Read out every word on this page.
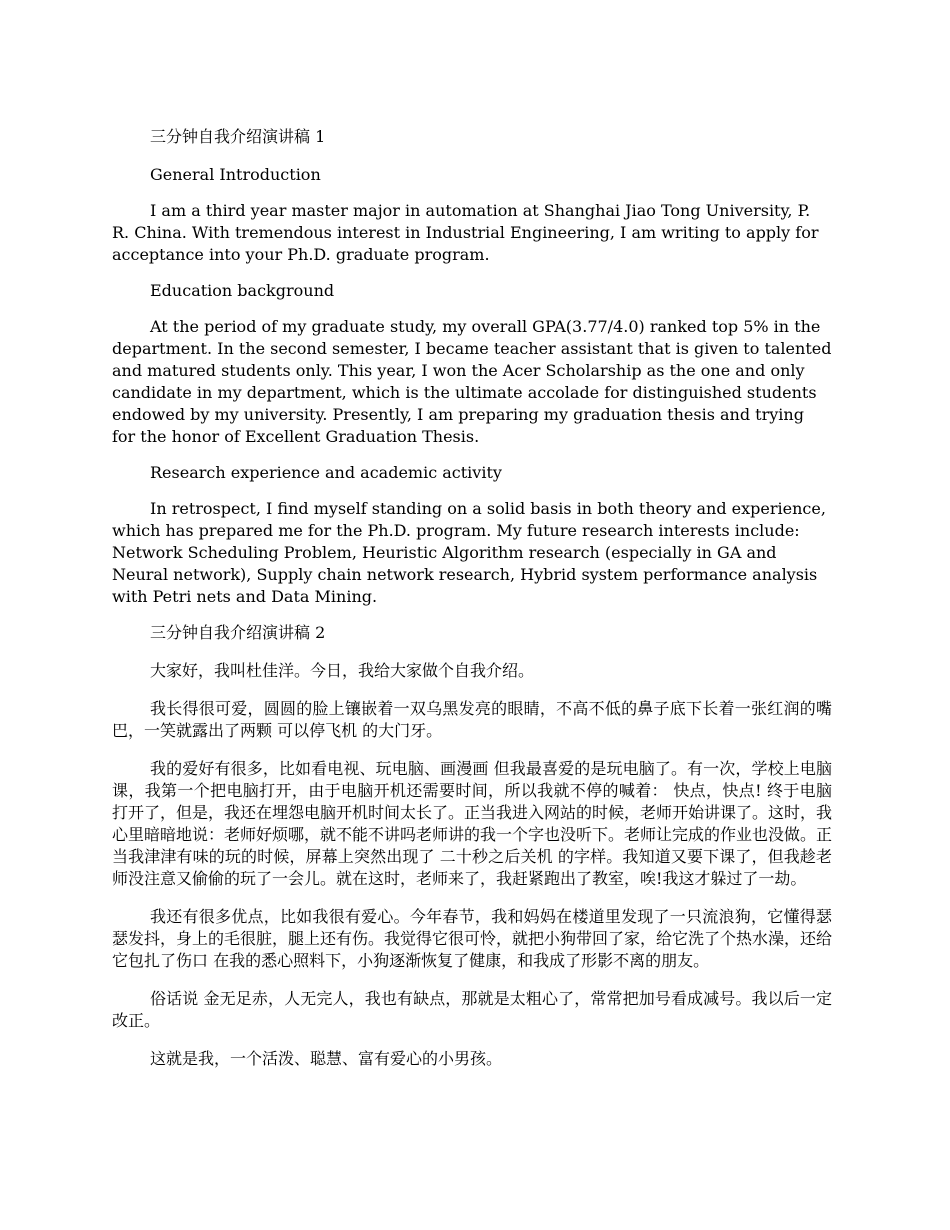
三分钟自我介绍演讲稿 1

General Introduction

I am a third year master major in automation at Shanghai Jiao Tong University, P. R. China. With tremendous interest in Industrial Engineering, I am writing to apply for acceptance into your Ph.D. graduate program.

Education background

At the period of my graduate study, my overall GPA(3.77/4.0) ranked top 5% in the department. In the second semester, I became teacher assistant that is given to talented and matured students only. This year, I won the Acer Scholarship as the one and only candidate in my department, which is the ultimate accolade for distinguished students endowed by my university. Presently, I am preparing my graduation thesis and trying for the honor of Excellent Graduation Thesis.

Research experience and academic activity

In retrospect, I find myself standing on a solid basis in both theory and experience, which has prepared me for the Ph.D. program. My future research interests include: Network Scheduling Problem, Heuristic Algorithm research (especially in GA and Neural network), Supply chain network research, Hybrid system performance analysis with Petri nets and Data Mining.

三分钟自我介绍演讲稿 2

大家好，我叫杜佳洋。今日，我给大家做个自我介绍。

我长得很可爱，圆圆的脸上镶嵌着一双乌黑发亮的眼睛，不高不低的鼻子底下长着一张红润的嘴巴，一笑就露出了两颗 可以停飞机 的大门牙。

我的爱好有很多，比如看电视、玩电脑、画漫画 但我最喜爱的是玩电脑了。有一次，学校上电脑课，我第一个把电脑打开，由于电脑开机还需要时间，所以我就不停的喊着： 快点，快点! 终于电脑打开了，但是，我还在埋怨电脑开机时间太长了。正当我进入网站的时候，老师开始讲课了。这时，我心里暗暗地说：老师好烦哪，就不能不讲吗老师讲的我一个字也没听下。老师让完成的作业也没做。正当我津津有味的玩的时候，屏幕上突然出现了 二十秒之后关机 的字样。我知道又要下课了，但我趁老师没注意又偷偷的玩了一会儿。就在这时，老师来了，我赶紧跑出了教室，唉!我这才躲过了一劫。

我还有很多优点，比如我很有爱心。今年春节，我和妈妈在楼道里发现了一只流浪狗，它懂得瑟瑟发抖，身上的毛很脏，腿上还有伤。我觉得它很可怜，就把小狗带回了家，给它洗了个热水澡，还给它包扎了伤口 在我的悉心照料下，小狗逐渐恢复了健康，和我成了形影不离的朋友。

俗话说 金无足赤，人无完人，我也有缺点，那就是太粗心了，常常把加号看成减号。我以后一定改正。

这就是我，一个活泼、聪慧、富有爱心的小男孩。
